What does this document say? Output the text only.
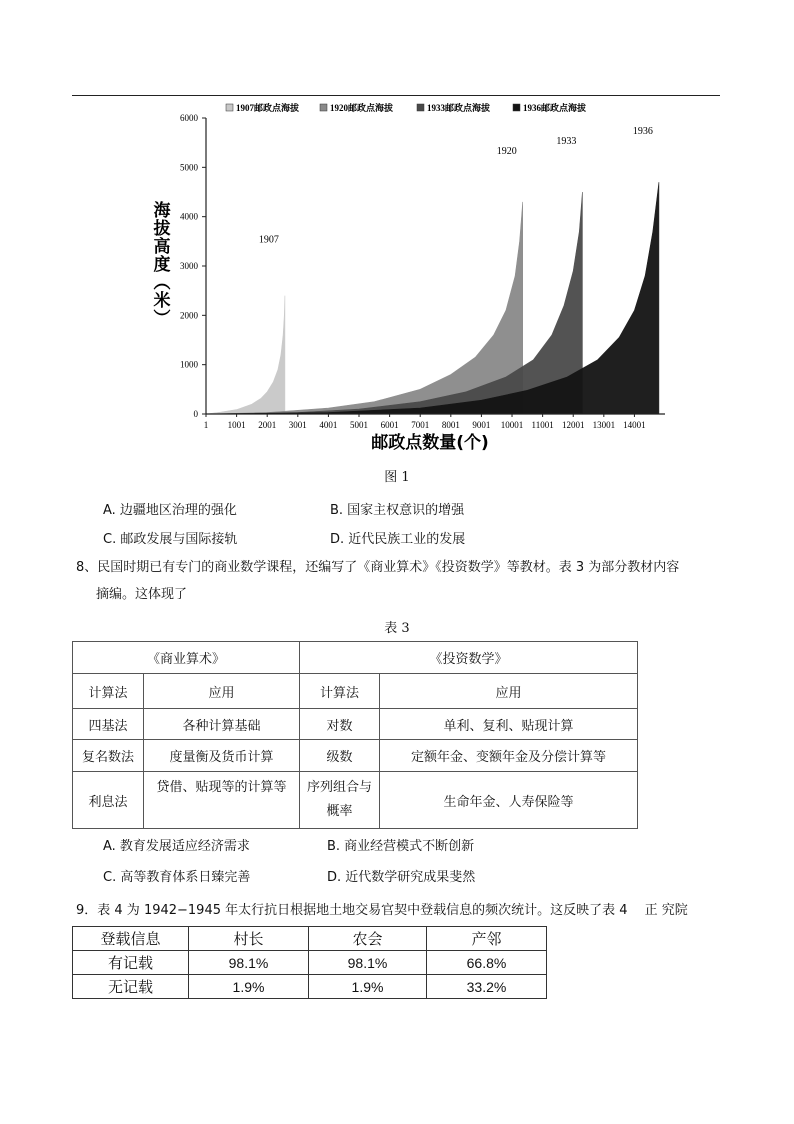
1907邮政点海拔	1920邮政点海拔	1933邮政点海拔	1936邮政点海拔
1907
1920
1933
1936
0
1000
2000
3000
4000
5000
6000
1 1001 2001 3001 4001 5001 6001 7001 8001 9001 10001 11001 12001 13001 14001
邮政点数量(个)
海拔高度︵米︶
图 1
A. 边疆地区治理的强化	B. 国家主权意识的增强
C. 邮政发展与国际接轨	D. 近代民族工业的发展
8、民国时期已有专门的商业数学课程，还编写了《商业算术》《投资数学》等教材。表 3 为部分教材内容
摘编。这体现了
表 3
《商业算术》		《投资数学》	
计算法	应用	计算法	应用
四基法	各种计算基础	对数	单利、复利、贴现计算
复名数法	度量衡及货币计算	级数	定额年金、变额年金及分偿计算等
利息法	贷借、贴现等的计算等	序列组合与概率	生命年金、人寿保险等
A. 教育发展适应经济需求	B. 商业经营模式不断创新
C. 高等教育体系日臻完善	D. 近代数学研究成果斐然
9．表 4 为 1942−1945 年太行抗日根据地土地交易官契中登载信息的频次统计。这反映了表 4 　正 究院
登载信息	村长	农会	产邻
有记载	98.1%	98.1%	66.8%
无记载	1.9%	1.9%	33.2%
